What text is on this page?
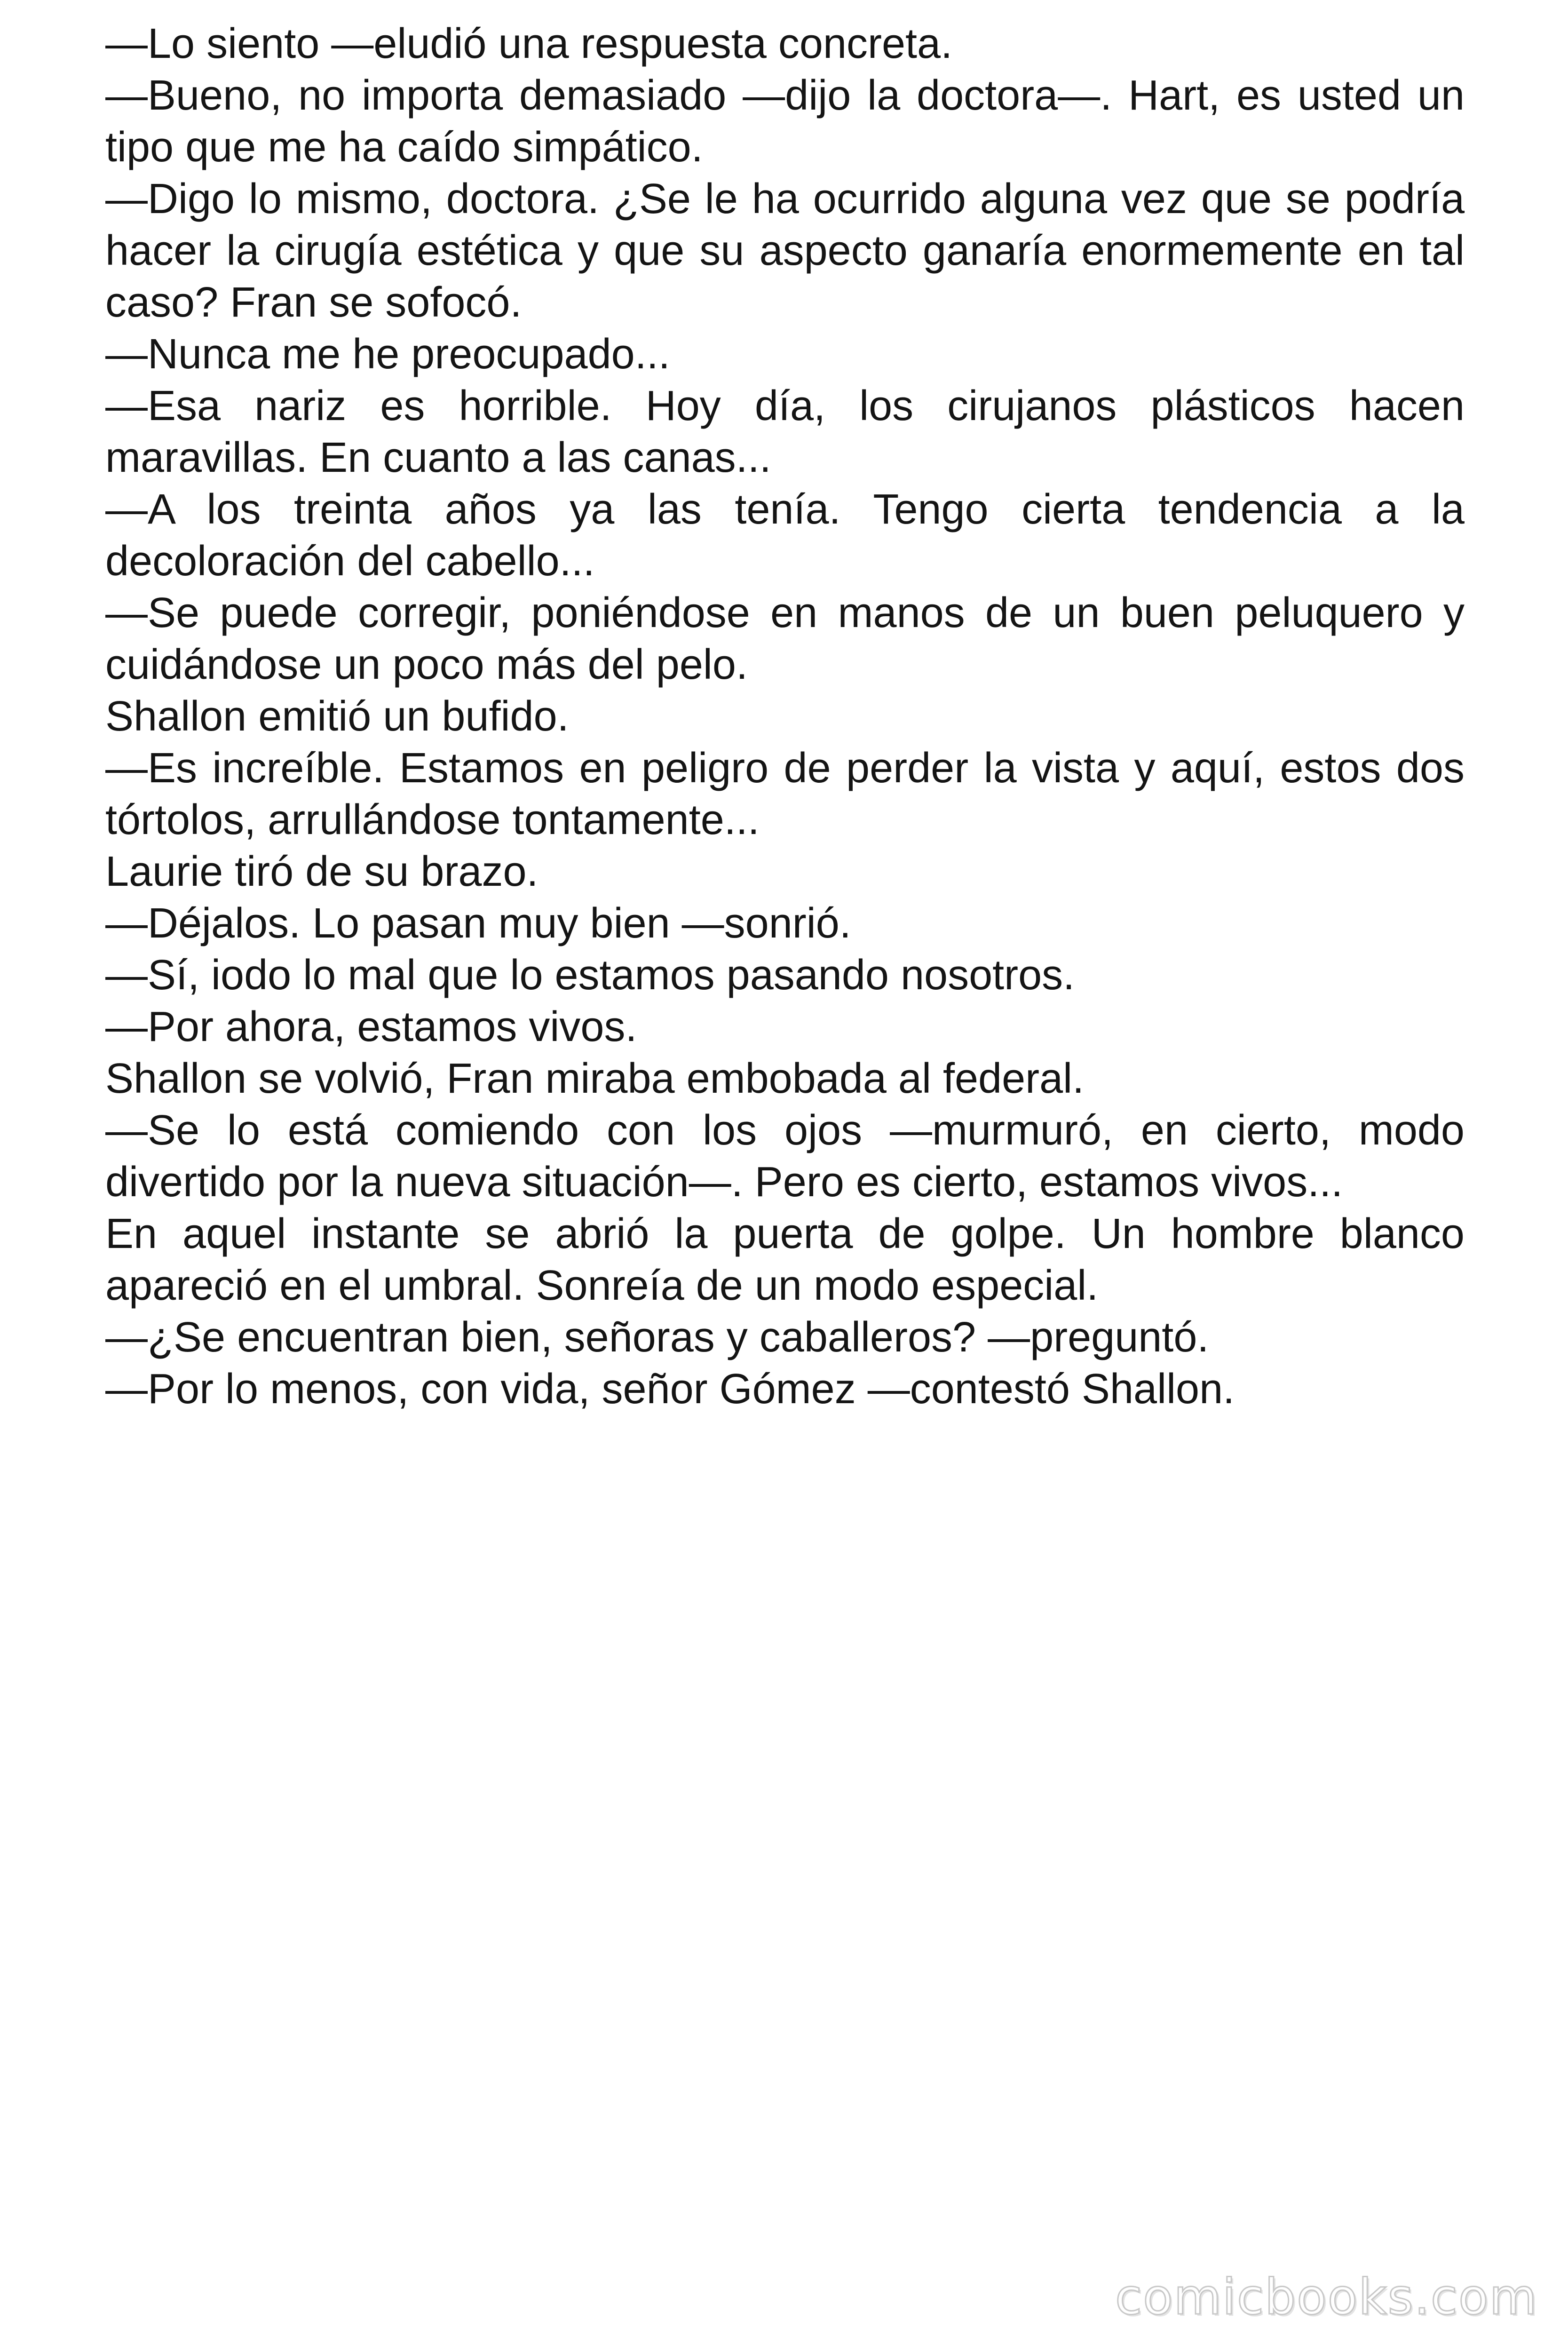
—Lo siento —eludió una respuesta concreta.

—Bueno, no importa demasiado —dijo la doctora—. Hart, es usted un tipo que me ha caído simpático.

—Digo lo mismo, doctora. ¿Se le ha ocurrido alguna vez que se podría hacer la cirugía estética y que su aspecto ganaría enormemente en tal caso? Fran se sofocó.

—Nunca me he preocupado...

—Esa nariz es horrible. Hoy día, los cirujanos plásticos hacen maravillas. En cuanto a las canas...

—A los treinta años ya las tenía. Tengo cierta tendencia a la decoloración del cabello...

—Se puede corregir, poniéndose en manos de un buen peluquero y cuidándose un poco más del pelo.

Shallon emitió un bufido.

—Es increíble. Estamos en peligro de perder la vista y aquí, estos dos tórtolos, arrullándose tontamente...

Laurie tiró de su brazo.

—Déjalos. Lo pasan muy bien —sonrió.

—Sí, iodo lo mal que lo estamos pasando nosotros.

—Por ahora, estamos vivos.

Shallon se volvió, Fran miraba embobada al federal.

—Se lo está comiendo con los ojos —murmuró, en cierto, modo divertido por la nueva situación—. Pero es cierto, estamos vivos...

En aquel instante se abrió la puerta de golpe. Un hombre blanco apareció en el umbral. Sonreía de un modo especial.

—¿Se encuentran bien, señoras y caballeros? —preguntó.

—Por lo menos, con vida, señor Gómez —contestó Shallon.

comicbooks.com
